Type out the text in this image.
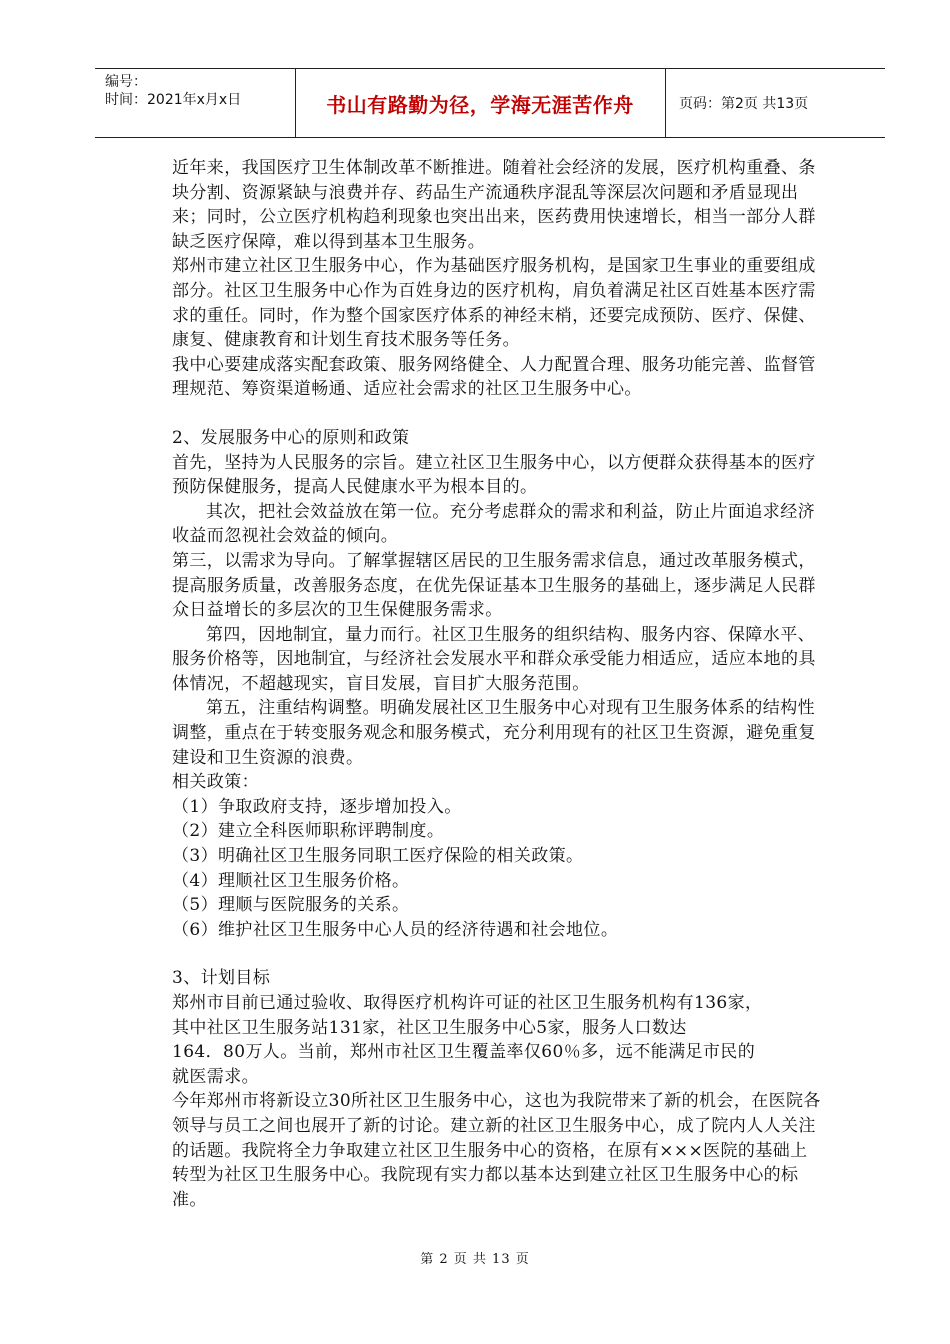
编号：
时间：2021年x月x日	书山有路勤为径，学海无涯苦作舟	页码：第2页 共13页

近年来，我国医疗卫生体制改革不断推进。随着社会经济的发展，医疗机构重叠、条块分割、资源紧缺与浪费并存、药品生产流通秩序混乱等深层次问题和矛盾显现出来；同时，公立医疗机构趋利现象也突出出来，医药费用快速增长，相当一部分人群缺乏医疗保障，难以得到基本卫生服务。

郑州市建立社区卫生服务中心，作为基础医疗服务机构，是国家卫生事业的重要组成部分。社区卫生服务中心作为百姓身边的医疗机构，肩负着满足社区百姓基本医疗需求的重任。同时，作为整个国家医疗体系的神经末梢，还要完成预防、医疗、保健、康复、健康教育和计划生育技术服务等任务。

我中心要建成落实配套政策、服务网络健全、人力配置合理、服务功能完善、监督管理规范、筹资渠道畅通、适应社会需求的社区卫生服务中心。

2、发展服务中心的原则和政策

首先，坚持为人民服务的宗旨。建立社区卫生服务中心，以方便群众获得基本的医疗预防保健服务，提高人民健康水平为根本目的。

其次，把社会效益放在第一位。充分考虑群众的需求和利益，防止片面追求经济收益而忽视社会效益的倾向。

第三，以需求为导向。了解掌握辖区居民的卫生服务需求信息，通过改革服务模式，提高服务质量，改善服务态度，在优先保证基本卫生服务的基础上，逐步满足人民群众日益增长的多层次的卫生保健服务需求。

第四，因地制宜，量力而行。社区卫生服务的组织结构、服务内容、保障水平、服务价格等，因地制宜，与经济社会发展水平和群众承受能力相适应，适应本地的具体情况，不超越现实，盲目发展，盲目扩大服务范围。

第五，注重结构调整。明确发展社区卫生服务中心对现有卫生服务体系的结构性调整，重点在于转变服务观念和服务模式，充分利用现有的社区卫生资源，避免重复建设和卫生资源的浪费。

相关政策：

（1）争取政府支持，逐步增加投入。

（2）建立全科医师职称评聘制度。

（3）明确社区卫生服务同职工医疗保险的相关政策。

（4）理顺社区卫生服务价格。

（5）理顺与医院服务的关系。

（6）维护社区卫生服务中心人员的经济待遇和社会地位。

3、计划目标

郑州市目前已通过验收、取得医疗机构许可证的社区卫生服务机构有136家，

其中社区卫生服务站131家，社区卫生服务中心5家，服务人口数达

164．80万人。当前，郑州市社区卫生覆盖率仅60％多，远不能满足市民的

就医需求。

今年郑州市将新设立30所社区卫生服务中心，这也为我院带来了新的机会，在医院各领导与员工之间也展开了新的讨论。建立新的社区卫生服务中心，成了院内人人关注的话题。我院将全力争取建立社区卫生服务中心的资格，在原有×××医院的基础上转型为社区卫生服务中心。我院现有实力都以基本达到建立社区卫生服务中心的标准。

第 2 页 共 13 页
